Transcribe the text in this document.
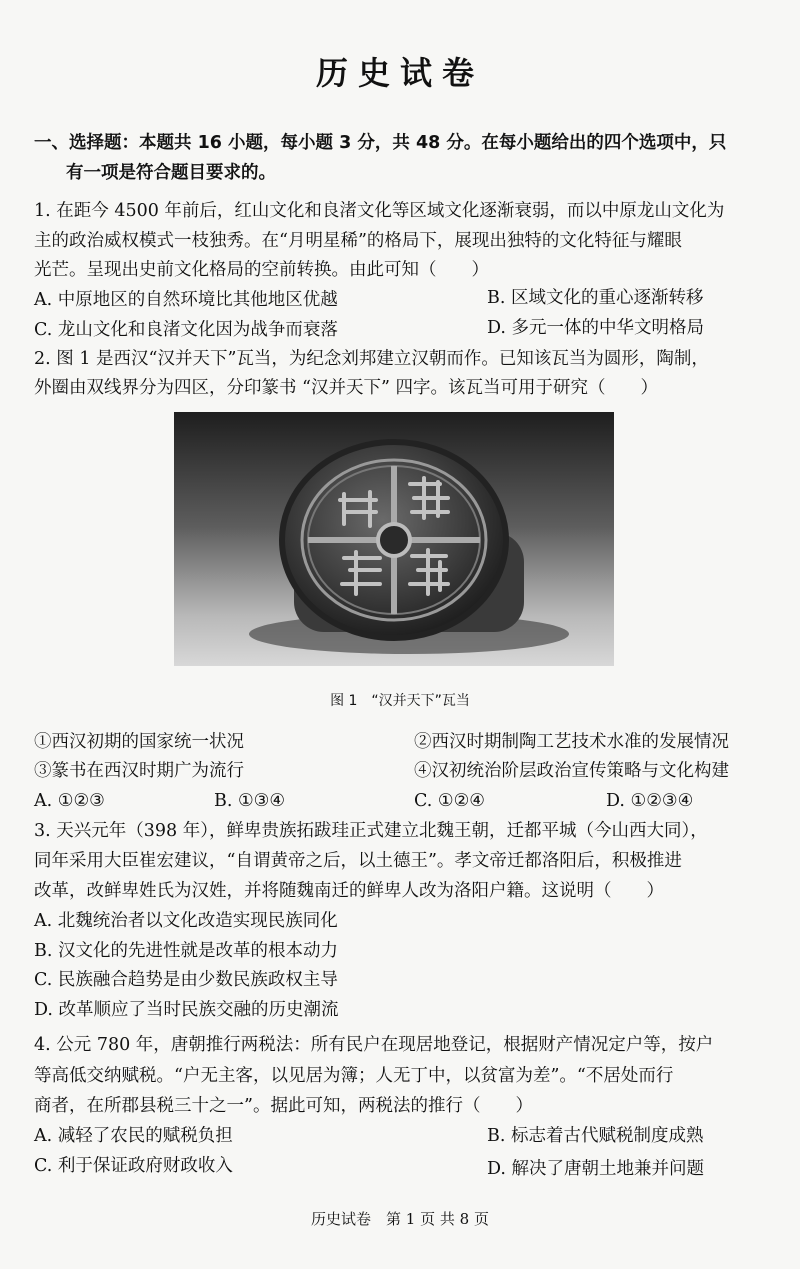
历史试卷
一、选择题：本题共 16 小题，每小题 3 分，共 48 分。在每小题给出的四个选项中，只
有一项是符合题目要求的。
1. 在距今 4500 年前后，红山文化和良渚文化等区域文化逐渐衰弱，而以中原龙山文化为
主的政治威权模式一枝独秀。在“月明星稀”的格局下，展现出独特的文化特征与耀眼
光芒。呈现出史前文化格局的空前转换。由此可知（　　）
A. 中原地区的自然环境比其他地区优越	B. 区域文化的重心逐渐转移
C. 龙山文化和良渚文化因为战争而衰落	D. 多元一体的中华文明格局
2. 图 1 是西汉“汉并天下”瓦当，为纪念刘邦建立汉朝而作。已知该瓦当为圆形，陶制，
外圈由双线界分为四区，分印篆书 “汉并天下” 四字。该瓦当可用于研究（　　）
图 1　“汉并天下”瓦当
①西汉初期的国家统一状况	②西汉时期制陶工艺技术水准的发展情况
③篆书在西汉时期广为流行	④汉初统治阶层政治宣传策略与文化构建
A. ①②③	B. ①③④	C. ①②④	D. ①②③④
3. 天兴元年（398 年），鲜卑贵族拓跋珪正式建立北魏王朝，迁都平城（今山西大同），
同年采用大臣崔宏建议，“自谓黄帝之后，以土德王”。孝文帝迁都洛阳后，积极推进
改革，改鲜卑姓氏为汉姓，并将随魏南迁的鲜卑人改为洛阳户籍。这说明（　　）
A. 北魏统治者以文化改造实现民族同化
B. 汉文化的先进性就是改革的根本动力
C. 民族融合趋势是由少数民族政权主导
D. 改革顺应了当时民族交融的历史潮流
4. 公元 780 年，唐朝推行两税法：所有民户在现居地登记，根据财产情况定户等，按户
等高低交纳赋税。“户无主客，以见居为簿；人无丁中，以贫富为差”。“不居处而行
商者，在所郡县税三十之一”。据此可知，两税法的推行（　　）
A. 减轻了农民的赋税负担	B. 标志着古代赋税制度成熟
C. 利于保证政府财政收入	D. 解决了唐朝土地兼并问题
历史试卷　第 1 页 共 8 页
